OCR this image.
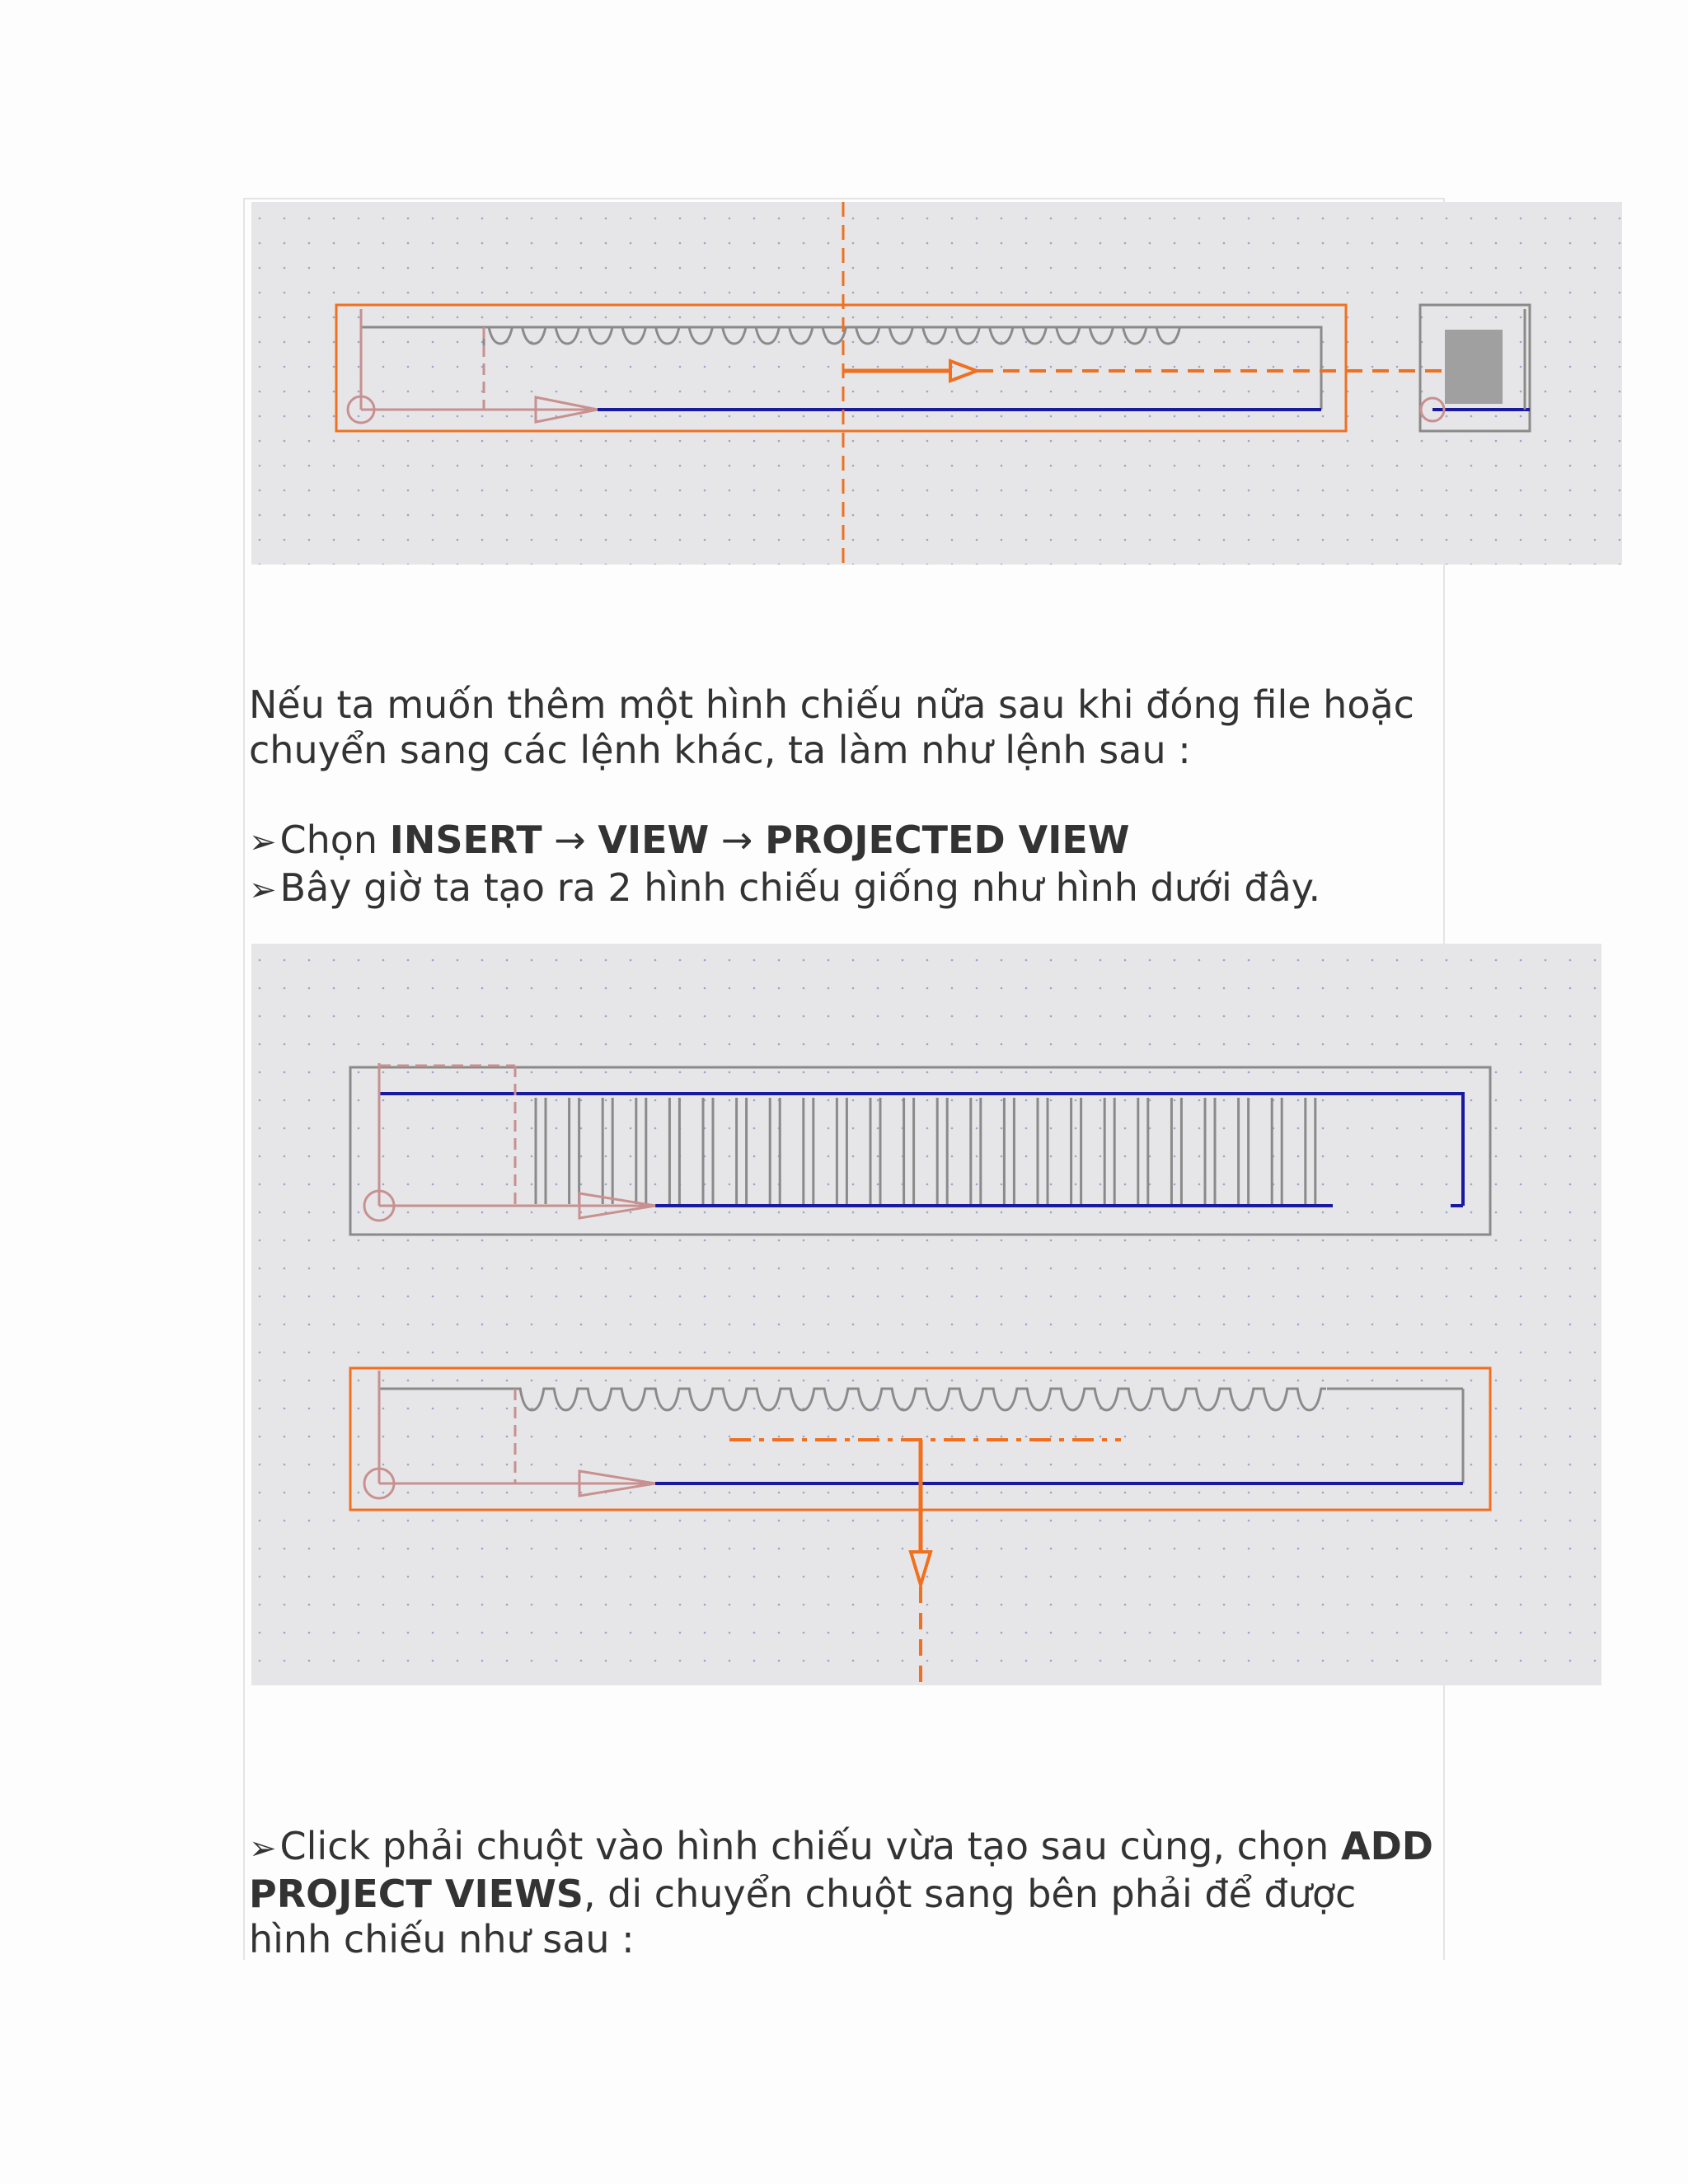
Nếu ta muốn thêm một hình chiếu nữa sau khi đóng file hoặc
chuyển sang các lệnh khác, ta làm như lệnh sau :
➢Chọn INSERT → VIEW → PROJECTED VIEW
➢Bây giờ ta tạo ra 2 hình chiếu giống như hình dưới đây.
➢Click phải chuột vào hình chiếu vừa tạo sau cùng, chọn ADD
PROJECT VIEWS, di chuyển chuột sang bên phải để được
hình chiếu như sau :
